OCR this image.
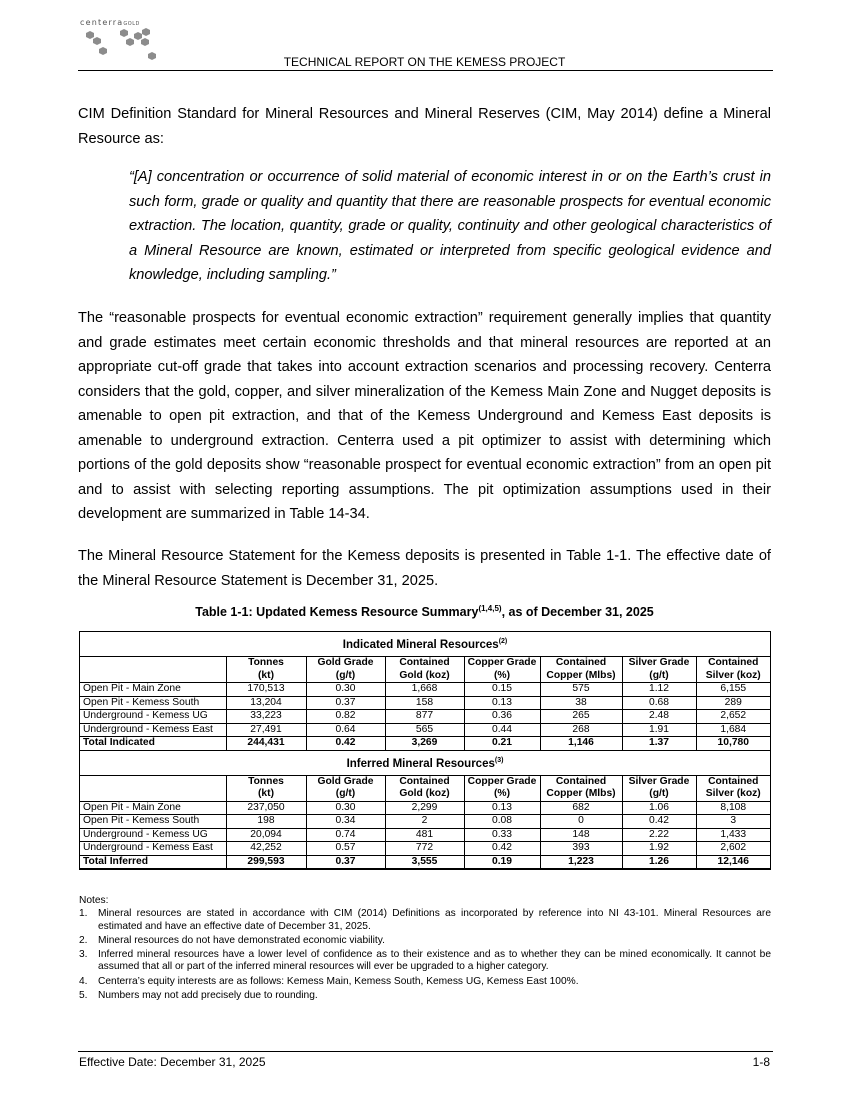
centerraGOLD
TECHNICAL REPORT ON THE KEMESS PROJECT
CIM Definition Standard for Mineral Resources and Mineral Reserves (CIM, May 2014) define a Mineral Resource as:
“[A] concentration or occurrence of solid material of economic interest in or on the Earth’s crust in such form, grade or quality and quantity that there are reasonable prospects for eventual economic extraction. The location, quantity, grade or quality, continuity and other geological characteristics of a Mineral Resource are known, estimated or interpreted from specific geological evidence and knowledge, including sampling.”
The “reasonable prospects for eventual economic extraction” requirement generally implies that quantity and grade estimates meet certain economic thresholds and that mineral resources are reported at an appropriate cut-off grade that takes into account extraction scenarios and processing recovery. Centerra considers that the gold, copper, and silver mineralization of the Kemess Main Zone and Nugget deposits is amenable to open pit extraction, and that of the Kemess Underground and Kemess East deposits is amenable to underground extraction. Centerra used a pit optimizer to assist with determining which portions of the gold deposits show “reasonable prospect for eventual economic extraction” from an open pit and to assist with selecting reporting assumptions. The pit optimization assumptions used in their development are summarized in Table 14-34.
The Mineral Resource Statement for the Kemess deposits is presented in Table 1-1. The effective date of the Mineral Resource Statement is December 31, 2025.
Table 1-1: Updated Kemess Resource Summary$^{(1,4,5)}$, as of December 31, 2025
Indicated Mineral Resources$^{(2)}$
	Tonnes	Gold Grade	Contained	Copper Grade	Contained	Silver Grade	Contained
	(kt)	(g/t)	Gold (koz)	(%)	Copper (Mlbs)	(g/t)	Silver (koz)
Open Pit - Main Zone	170,513	0.30	1,668	0.15	575	1.12	6,155
Open Pit - Kemess South	13,204	0.37	158	0.13	38	0.68	289
Underground - Kemess UG	33,223	0.82	877	0.36	265	2.48	2,652
Underground - Kemess East	27,491	0.64	565	0.44	268	1.91	1,684
Total Indicated	244,431	0.42	3,269	0.21	1,146	1.37	10,780
Inferred Mineral Resources$^{(3)}$
	Tonnes	Gold Grade	Contained	Copper Grade	Contained	Silver Grade	Contained
	(kt)	(g/t)	Gold (koz)	(%)	Copper (Mlbs)	(g/t)	Silver (koz)
Open Pit - Main Zone	237,050	0.30	2,299	0.13	682	1.06	8,108
Open Pit - Kemess South	198	0.34	2	0.08	0	0.42	3
Underground - Kemess UG	20,094	0.74	481	0.33	148	2.22	1,433
Underground - Kemess East	42,252	0.57	772	0.42	393	1.92	2,602
Total Inferred	299,593	0.37	3,555	0.19	1,223	1.26	12,146
Notes:
1.	Mineral resources are stated in accordance with CIM (2014) Definitions as incorporated by reference into NI 43-101. Mineral Resources are estimated and have an effective date of December 31, 2025.
2.	Mineral resources do not have demonstrated economic viability.
3.	Inferred mineral resources have a lower level of confidence as to their existence and as to whether they can be mined economically. It cannot be assumed that all or part of the inferred mineral resources will ever be upgraded to a higher category.
4.	Centerra’s equity interests are as follows: Kemess Main, Kemess South, Kemess UG, Kemess East 100%.
5.	Numbers may not add precisely due to rounding.
Effective Date: December 31, 2025	1-8
